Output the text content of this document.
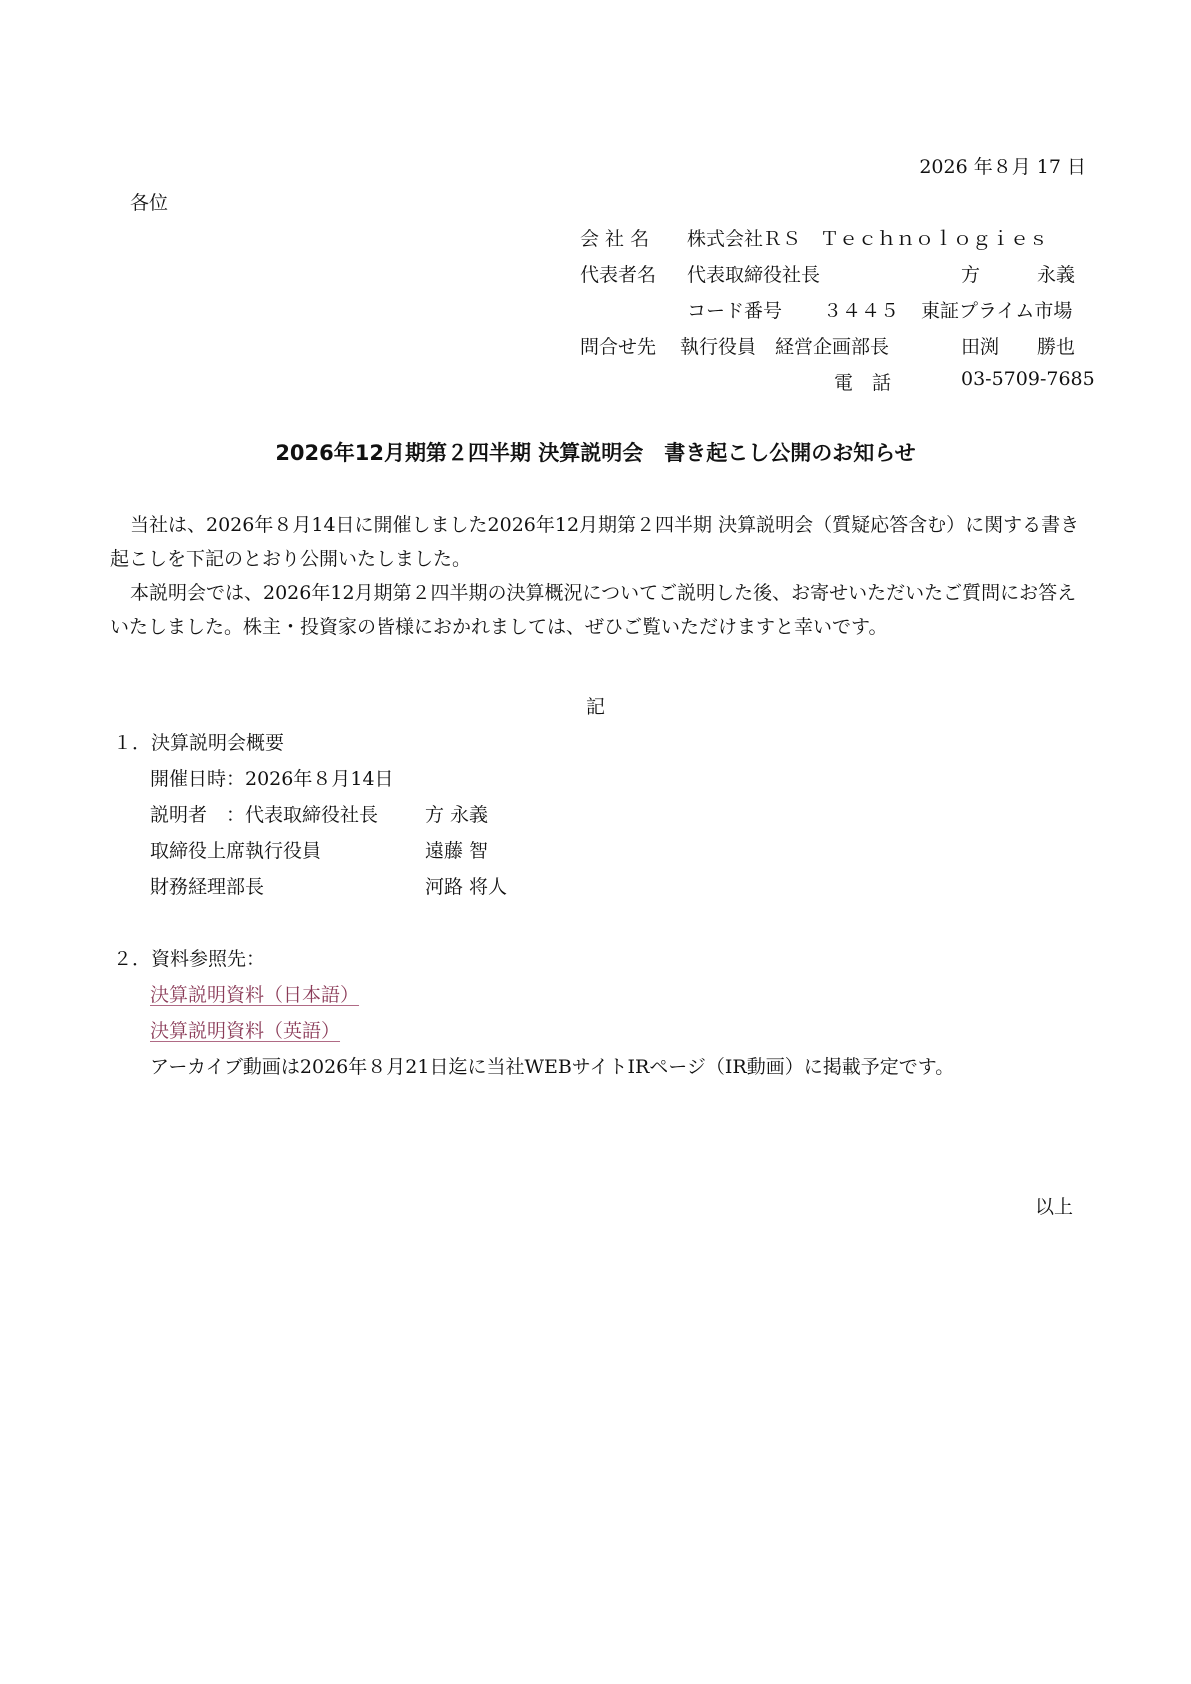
2026 年８月 17 日
各位
会 社 名 株式会社ＲＳ　Ｔｅｃｈｎｏｌｏｇｉｅｓ
代表者名 代表取締役社長	方　　　永義
コード番号 ３４４５ 東証プライム市場
問合せ先 執行役員　経営企画部長	田渕　　勝也
電　話	03-5709-7685
2026年12月期第２四半期 決算説明会　書き起こし公開のお知らせ
当社は、2026年８月14日に開催しました2026年12月期第２四半期 決算説明会（質疑応答含む）に関する書き起こしを下記のとおり公開いたしました。
本説明会では、2026年12月期第２四半期の決算概況についてご説明した後、お寄せいただいたご質問にお答えいたしました。株主・投資家の皆様におかれましては、ぜひご覧いただけますと幸いです。
記
１．決算説明会概要
開催日時：2026年８月14日
説明者　：代表取締役社長 方 永義
取締役上席執行役員	遠藤 智
財務経理部長	河路 将人
２．資料参照先：
決算説明資料（日本語）
決算説明資料（英語）
アーカイブ動画は2026年８月21日迄に当社WEBサイトIRページ（IR動画）に掲載予定です。
以上
